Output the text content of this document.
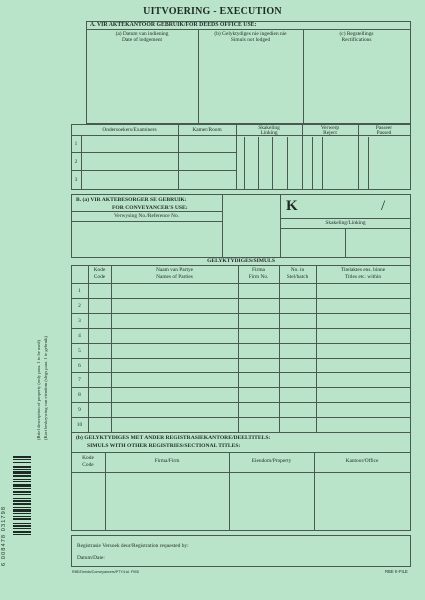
UITVOERING - EXECUTION
A. VIR AKTEKANTOOR GEBRUIK/FOR DEEDS OFFICE USE:
(a) Datum van indiening
Date of lodgement
(b) Gelyktydiges nie ingedien nie
Simuls not lodged
(c) Regstellings
Rectifications
Ondersoekers/Examiners	Kamer/Room	Skakeling
Linking
Verwerp
Reject
Passeer
Passed
1
2
3
B. (a) VIR AKTEBESORGER SE GEBRUIK:
FOR CONVEYANCER'S USE:
Verwysing No./Reference No.
K	/
Skakeling/Linking
GELYKTYDIGES/SIMULS
Kode
Code
Naam van Partye
Names of Parties
Firma
Firm No.
No. in
Stel/batch
Titelaktes ens. binne
Titles etc. within
1
2
3
4
5
6
7
8
9
10
(b) GELYKTYDIGES MET ANDER REGISTRASIEKANTORE/DEELTITELS:
SIMULS WITH OTHER REGISTRIES/SECTIONAL TITLES:
Kode
Code
Firma/Firm	Eiendom/Property	Kantoor/Office
Registrasie Versoek deur/Registration requested by:
Datum/Date:
RBE/Deeds/Conveyancers/PTY/Ltd. F905	RBE K-FILE
(Brief description of property (only para. 1 to be used) (Kort beskrywing van eiendom (slegs para. 1 te gebruik)
6 008478 031798
